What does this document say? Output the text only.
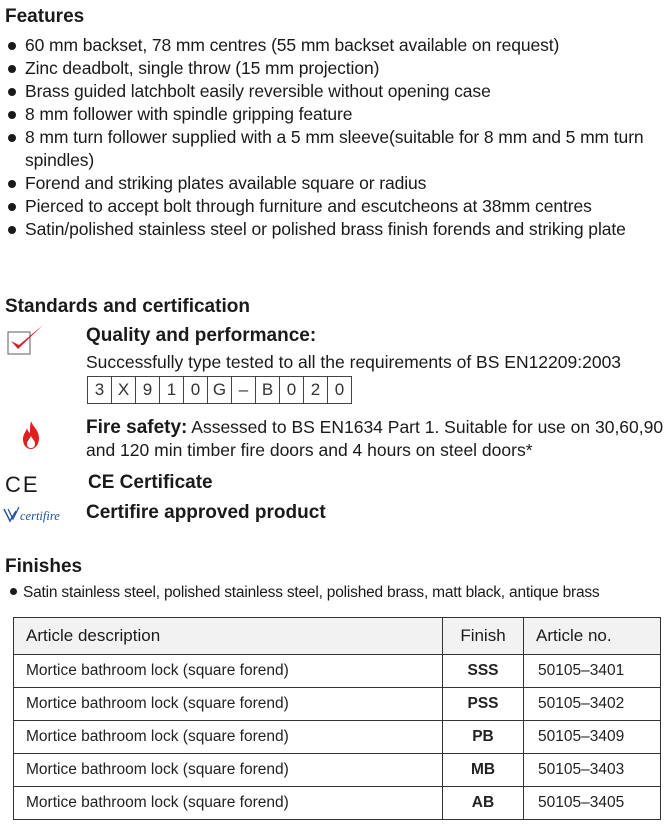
Features
60 mm backset, 78 mm centres (55 mm backset available on request)
Zinc deadbolt, single throw (15 mm projection)
Brass guided latchbolt easily reversible without opening case
8 mm follower with spindle gripping feature
8 mm turn follower supplied with a 5 mm sleeve(suitable for 8 mm and 5 mm turn spindles)
Forend and striking plates available square or radius
Pierced to accept bolt through furniture and escutcheons at 38mm centres
Satin/polished stainless steel or polished brass finish forends and striking plate
Standards and certification
Quality and performance:
Successfully type tested to all the requirements of BS EN12209:2003
3 X 9 1 0 G – B 0 2 0
Fire safety: Assessed to BS EN1634 Part 1. Suitable for use on 30,60,90 and 120 min timber fire doors and 4 hours on steel doors*
CE	CE Certificate
certifire Certifire approved product
Finishes
Satin stainless steel, polished stainless steel, polished brass, matt black, antique brass
Article description	Finish	Article no.
Mortice bathroom lock (square forend)	SSS	50105–3401
Mortice bathroom lock (square forend)	PSS	50105–3402
Mortice bathroom lock (square forend)	PB	50105–3409
Mortice bathroom lock (square forend)	MB	50105–3403
Mortice bathroom lock (square forend)	AB	50105–3405
